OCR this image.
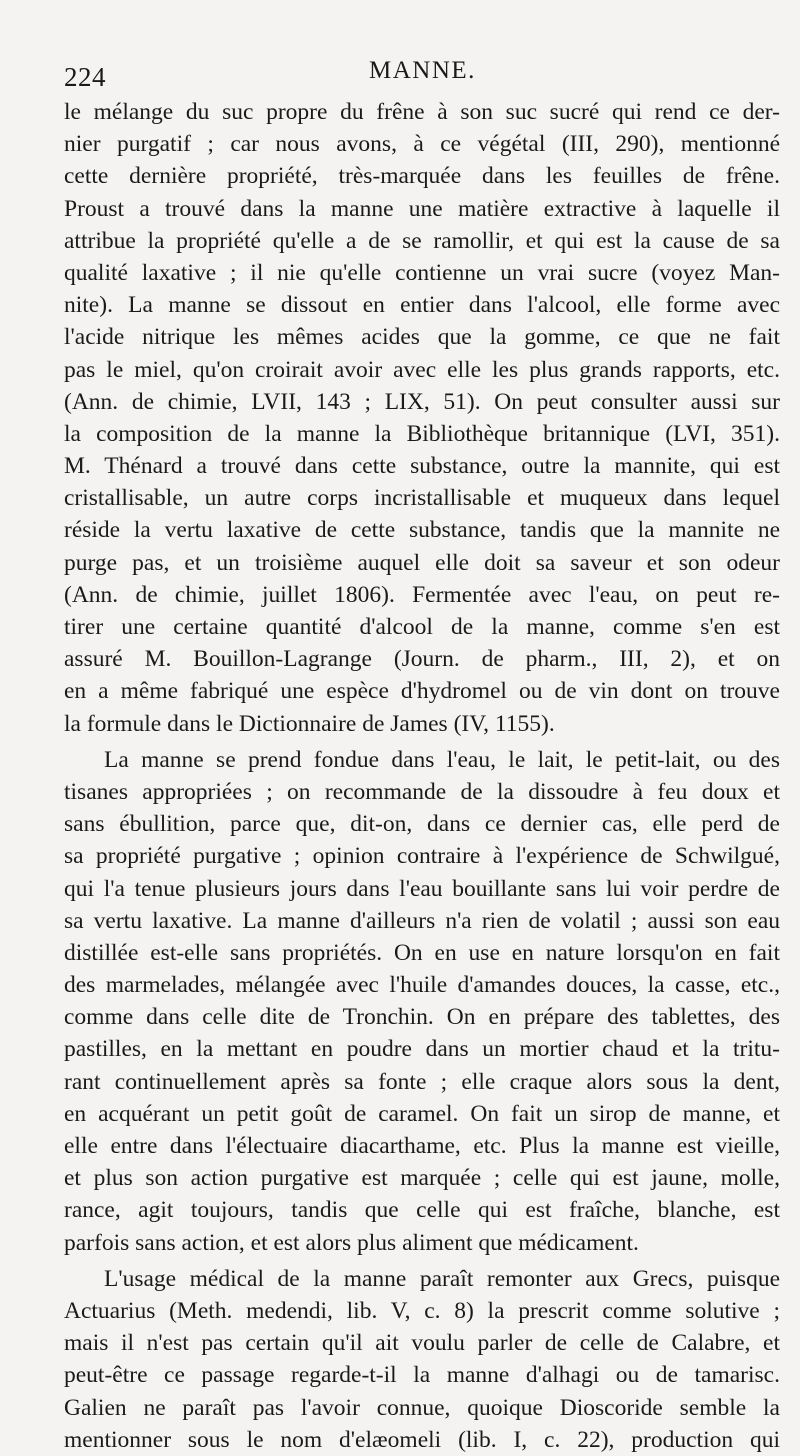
224	MANNE.
le mélange du suc propre du frêne à son suc sucré qui rend ce der-
nier purgatif ; car nous avons, à ce végétal (III, 290), mentionné
cette dernière propriété, très-marquée dans les feuilles de frêne.
Proust a trouvé dans la manne une matière extractive à laquelle il
attribue la propriété qu'elle a de se ramollir, et qui est la cause de sa
qualité laxative ; il nie qu'elle contienne un vrai sucre (voyez Man-
nite). La manne se dissout en entier dans l'alcool, elle forme avec
l'acide nitrique les mêmes acides que la gomme, ce que ne fait
pas le miel, qu'on croirait avoir avec elle les plus grands rapports, etc.
(Ann. de chimie, LVII, 143 ; LIX, 51). On peut consulter aussi sur
la composition de la manne la Bibliothèque britannique (LVI, 351).
M. Thénard a trouvé dans cette substance, outre la mannite, qui est
cristallisable, un autre corps incristallisable et muqueux dans lequel
réside la vertu laxative de cette substance, tandis que la mannite ne
purge pas, et un troisième auquel elle doit sa saveur et son odeur
(Ann. de chimie, juillet 1806). Fermentée avec l'eau, on peut re-
tirer une certaine quantité d'alcool de la manne, comme s'en est
assuré M. Bouillon-Lagrange (Journ. de pharm., III, 2), et on
en a même fabriqué une espèce d'hydromel ou de vin dont on trouve
la formule dans le Dictionnaire de James (IV, 1155).
La manne se prend fondue dans l'eau, le lait, le petit-lait, ou des
tisanes appropriées ; on recommande de la dissoudre à feu doux et
sans ébullition, parce que, dit-on, dans ce dernier cas, elle perd de
sa propriété purgative ; opinion contraire à l'expérience de Schwilgué,
qui l'a tenue plusieurs jours dans l'eau bouillante sans lui voir perdre de
sa vertu laxative. La manne d'ailleurs n'a rien de volatil ; aussi son eau
distillée est-elle sans propriétés. On en use en nature lorsqu'on en fait
des marmelades, mélangée avec l'huile d'amandes douces, la casse, etc.,
comme dans celle dite de Tronchin. On en prépare des tablettes, des
pastilles, en la mettant en poudre dans un mortier chaud et la tritu-
rant continuellement après sa fonte ; elle craque alors sous la dent,
en acquérant un petit goût de caramel. On fait un sirop de manne, et
elle entre dans l'électuaire diacarthame, etc. Plus la manne est vieille,
et plus son action purgative est marquée ; celle qui est jaune, molle,
rance, agit toujours, tandis que celle qui est fraîche, blanche, est
parfois sans action, et est alors plus aliment que médicament.
L'usage médical de la manne paraît remonter aux Grecs, puisque
Actuarius (Meth. medendi, lib. V, c. 8) la prescrit comme solutive ;
mais il n'est pas certain qu'il ait voulu parler de celle de Calabre, et
peut-être ce passage regarde-t-il la manne d'alhagi ou de tamarisc.
Galien ne paraît pas l'avoir connue, quoique Dioscoride semble la
mentionner sous le nom d'elæomeli (lib. I, c. 22), production qui
